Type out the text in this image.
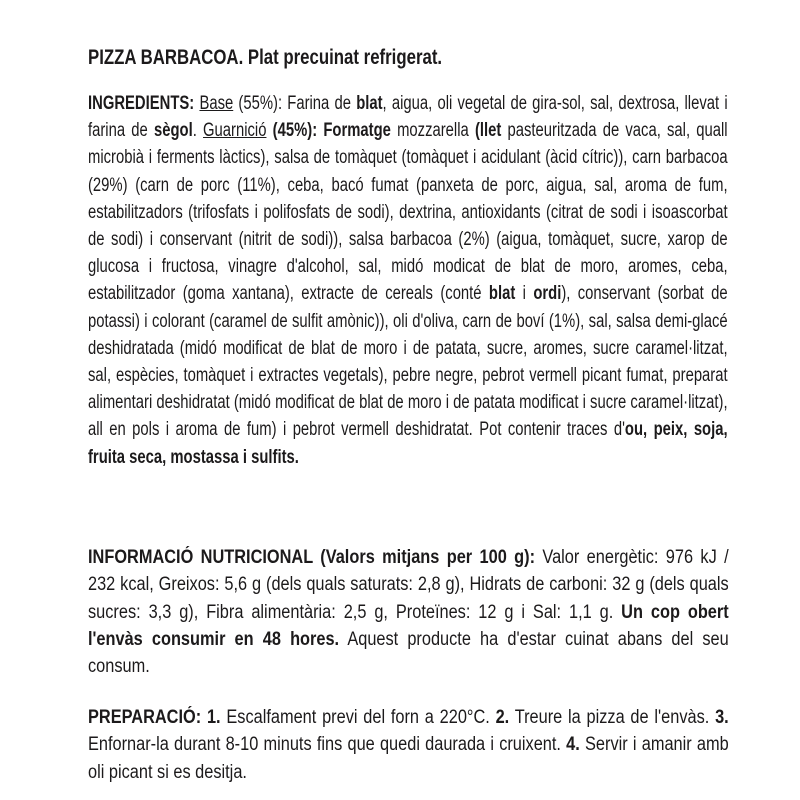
PIZZA BARBACOA. Plat precuinat refrigerat.

INGREDIENTS: Base (55%): Farina de blat, aigua, oli vegetal de gira-sol, sal, dextrosa, llevat i farina de sègol. Guarnició (45%): Formatge mozzarella (llet pasteuritzada de vaca, sal, quall microbià i ferments làctics), salsa de tomàquet (tomàquet i acidulant (àcid cítric)), carn barbacoa (29%) (carn de porc (11%), ceba, bacó fumat (panxeta de porc, aigua, sal, aroma de fum, estabilitzadors (trifosfats i polifosfats de sodi), dextrina, antioxidants (citrat de sodi i isoascorbat de sodi) i conservant (nitrit de sodi)), salsa barbacoa (2%) (aigua, tomàquet, sucre, xarop de glucosa i fructosa, vinagre d'alcohol, sal, midó modicat de blat de moro, aromes, ceba, estabilitzador (goma xantana), extracte de cereals (conté blat i ordi), conservant (sorbat de potassi) i colorant (caramel de sulfit amònic)), oli d'oliva, carn de boví (1%), sal, salsa demi-glacé deshidratada (midó modificat de blat de moro i de patata, sucre, aromes, sucre caramel·litzat, sal, espècies, tomàquet i extractes vegetals), pebre negre, pebrot vermell picant fumat, preparat alimentari deshidratat (midó modificat de blat de moro i de patata modificat i sucre caramel·litzat), all en pols i aroma de fum) i pebrot vermell deshidratat. Pot contenir traces d'ou, peix, soja, fruita seca, mostassa i sulfits.

INFORMACIÓ NUTRICIONAL (Valors mitjans per 100 g): Valor energètic: 976 kJ / 232 kcal, Greixos: 5,6 g (dels quals saturats: 2,8 g), Hidrats de carboni: 32 g (dels quals sucres: 3,3 g), Fibra alimentària: 2,5 g, Proteïnes: 12 g i Sal: 1,1 g. Un cop obert l'envàs consumir en 48 hores. Aquest producte ha d'estar cuinat abans del seu consum.

PREPARACIÓ: 1. Escalfament previ del forn a 220°C. 2. Treure la pizza de l'envàs. 3. Enfornar-la durant 8-10 minuts fins que quedi daurada i cruixent. 4. Servir i amanir amb oli picant si es desitja.
